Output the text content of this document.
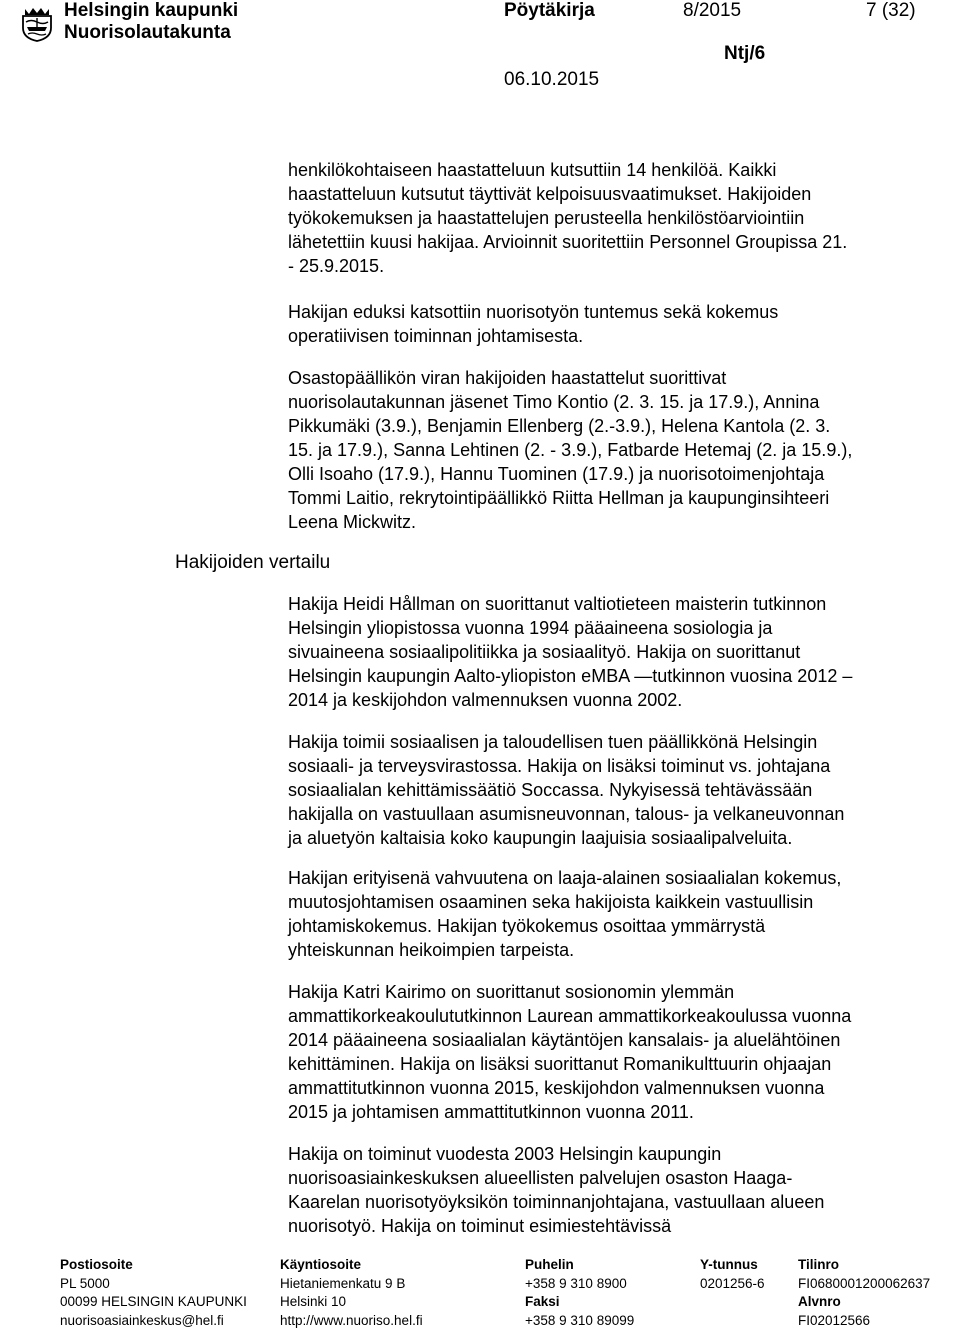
Helsingin kaupunki
Nuorisolautakunta
Pöytäkirja	8/2015	7 (32)
Ntj/6
06.10.2015
Hakijoiden vertailu
henkilökohtaiseen haastatteluun kutsuttiin 14 henkilöä. Kaikki
haastatteluun kutsutut täyttivät kelpoisuusvaatimukset. Hakijoiden
työkokemuksen ja haastattelujen perusteella henkilöstöarviointiin
lähetettiin kuusi hakijaa. Arvioinnit suoritettiin Personnel Groupissa 21.
- 25.9.2015.
Hakijan eduksi katsottiin nuorisotyön tuntemus sekä kokemus
operatiivisen toiminnan johtamisesta.
Osastopäällikön viran hakijoiden haastattelut suorittivat
nuorisolautakunnan jäsenet Timo Kontio (2. 3. 15. ja 17.9.), Annina
Pikkumäki (3.9.), Benjamin Ellenberg (2.-3.9.), Helena Kantola (2. 3.
15. ja 17.9.), Sanna Lehtinen (2. - 3.9.), Fatbarde Hetemaj (2. ja 15.9.),
Olli Isoaho (17.9.), Hannu Tuominen (17.9.) ja nuorisotoimenjohtaja
Tommi Laitio, rekrytointipäällikkö Riitta Hellman ja kaupunginsihteeri
Leena Mickwitz.
Hakija Heidi Hållman on suorittanut valtiotieteen maisterin tutkinnon
Helsingin yliopistossa vuonna 1994 pääaineena sosiologia ja
sivuaineena sosiaalipolitiikka ja sosiaalityö. Hakija on suorittanut
Helsingin kaupungin Aalto-yliopiston eMBA —tutkinnon vuosina 2012 –
2014 ja keskijohdon valmennuksen vuonna 2002.
Hakija toimii sosiaalisen ja taloudellisen tuen päällikkönä Helsingin
sosiaali- ja terveysvirastossa. Hakija on lisäksi toiminut vs. johtajana
sosiaalialan kehittämissäätiö Soccassa. Nykyisessä tehtävässään
hakijalla on vastuullaan asumisneuvonnan, talous- ja velkaneuvonnan
ja aluetyön kaltaisia koko kaupungin laajuisia sosiaalipalveluita.
Hakijan erityisenä vahvuutena on laaja-alainen sosiaalialan kokemus,
muutosjohtamisen osaaminen seka hakijoista kaikkein vastuullisin
johtamiskokemus. Hakijan työkokemus osoittaa ymmärrystä
yhteiskunnan heikoimpien tarpeista.
Hakija Katri Kairimo on suorittanut sosionomin ylemmän
ammattikorkeakoulututkinnon Laurean ammattikorkeakoulussa vuonna
2014 pääaineena sosiaalialan käytäntöjen kansalais- ja aluelähtöinen
kehittäminen. Hakija on lisäksi suorittanut Romanikulttuurin ohjaajan
ammattitutkinnon vuonna 2015, keskijohdon valmennuksen vuonna
2015 ja johtamisen ammattitutkinnon vuonna 2011.
Hakija on toiminut vuodesta 2003 Helsingin kaupungin
nuorisoasiainkeskuksen alueellisten palvelujen osaston Haaga-
Kaarelan nuorisotyöyksikön toiminnanjohtajana, vastuullaan alueen
nuorisotyö. Hakija on toiminut esimiestehtävissä
Postiosoite
PL 5000
00099 HELSINGIN KAUPUNKI
nuorisoasiainkeskus@hel.fi
Käyntiosoite
Hietaniemenkatu 9 B
Helsinki 10
http://www.nuoriso.hel.fi
Puhelin
+358 9 310 8900
Faksi
+358 9 310 89099
Y-tunnus
0201256-6
Tilinro
FI0680001200062637
Alvnro
FI02012566
